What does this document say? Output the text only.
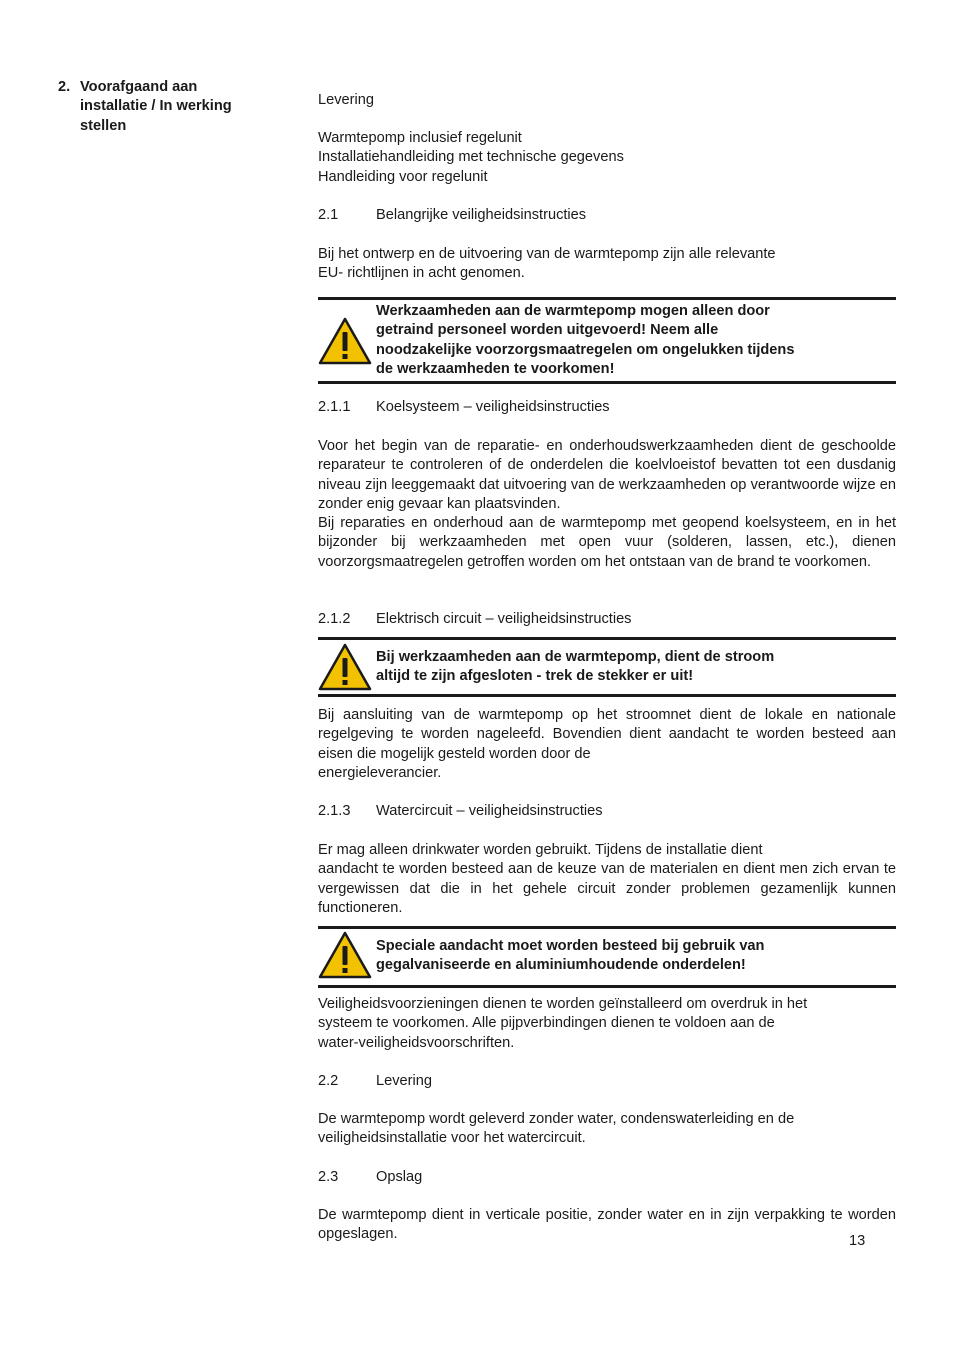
2. Voorafgaand aan
installatie / In werking
stellen
Levering
Warmtepomp inclusief regelunit
Installatiehandleiding met technische gegevens
Handleiding voor regelunit
2.1	Belangrijke veiligheidsinstructies
Bij het ontwerp en de uitvoering van de warmtepomp zijn alle relevante
EU- richtlijnen in acht genomen.
Werkzaamheden aan de warmtepomp mogen alleen door
getraind personeel worden uitgevoerd! Neem alle
noodzakelijke voorzorgsmaatregelen om ongelukken tijdens
de werkzaamheden te voorkomen!
2.1.1 Koelsysteem – veiligheidsinstructies
Voor het begin van de reparatie- en onderhoudswerkzaamheden dient de geschoolde reparateur te controleren of de onderdelen die koelvloeistof bevatten tot een dusdanig niveau zijn leeggemaakt dat uitvoering van de werkzaamheden op verantwoorde wijze en zonder enig gevaar kan plaatsvinden.
Bij reparaties en onderhoud aan de warmtepomp met geopend koelsysteem, en in het bijzonder bij werkzaamheden met open vuur (solderen, lassen, etc.), dienen voorzorgsmaatregelen getroffen worden om het ontstaan van de brand te voorkomen.
2.1.2 Elektrisch circuit – veiligheidsinstructies
Bij werkzaamheden aan de warmtepomp, dient de stroom
altijd te zijn afgesloten - trek de stekker er uit!
Bij aansluiting van de warmtepomp op het stroomnet dient de lokale en nationale regelgeving te worden nageleefd. Bovendien dient aandacht te worden besteed aan eisen die mogelijk gesteld worden door de
energieleverancier.
2.1.3 Watercircuit – veiligheidsinstructies
Er mag alleen drinkwater worden gebruikt. Tijdens de installatie dient
aandacht te worden besteed aan de keuze van de materialen en dient men zich ervan te vergewissen dat die in het gehele circuit zonder problemen gezamenlijk kunnen functioneren.
Speciale aandacht moet worden besteed bij gebruik van
gegalvaniseerde en aluminiumhoudende onderdelen!
Veiligheidsvoorzieningen dienen te worden geïnstalleerd om overdruk in het
systeem te voorkomen. Alle pijpverbindingen dienen te voldoen aan de
water-veiligheidsvoorschriften.
2.2	Levering
De warmtepomp wordt geleverd zonder water, condenswaterleiding en de
veiligheidsinstallatie voor het watercircuit.
2.3	Opslag
De warmtepomp dient in verticale positie, zonder water en in zijn verpakking te worden opgeslagen.	13
